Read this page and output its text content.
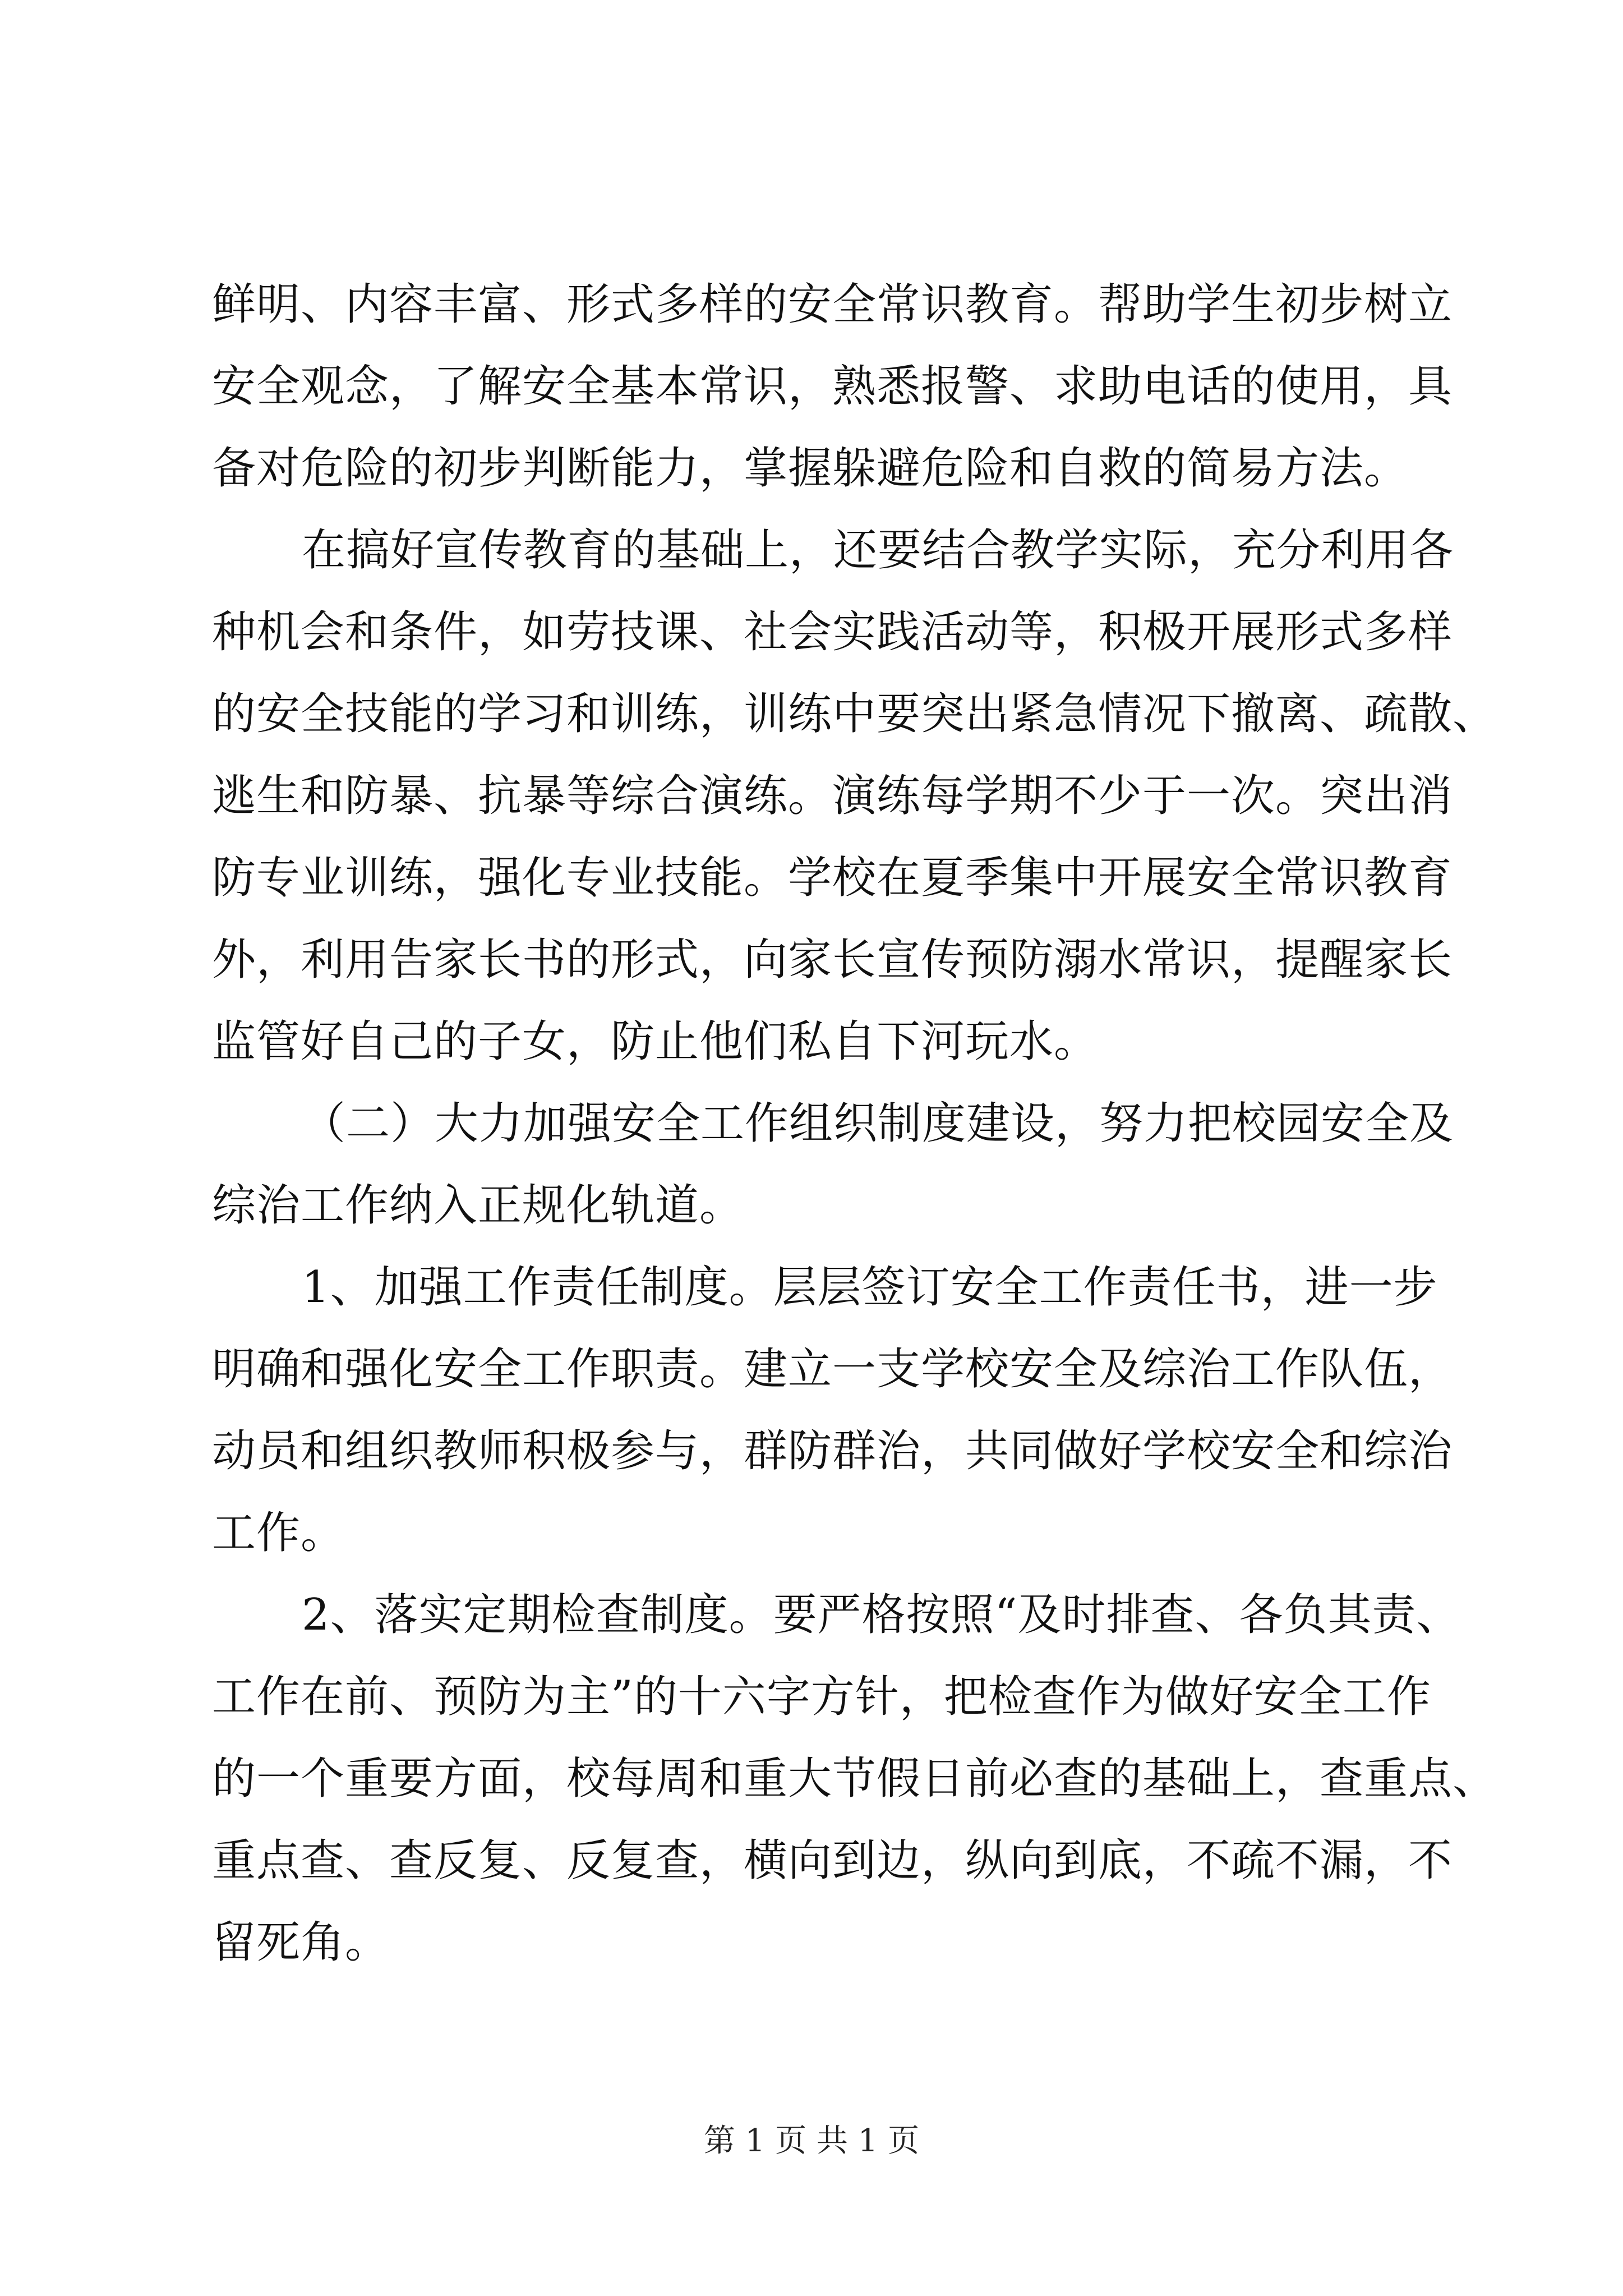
鲜明、内容丰富、形式多样的安全常识教育。帮助学生初步树立
安全观念，了解安全基本常识，熟悉报警、求助电话的使用，具
备对危险的初步判断能力，掌握躲避危险和自救的简易方法。
在搞好宣传教育的基础上，还要结合教学实际，充分利用各
种机会和条件，如劳技课、社会实践活动等，积极开展形式多样
的安全技能的学习和训练，训练中要突出紧急情况下撤离、疏散、
逃生和防暴、抗暴等综合演练。演练每学期不少于一次。突出消
防专业训练，强化专业技能。学校在夏季集中开展安全常识教育
外，利用告家长书的形式，向家长宣传预防溺水常识，提醒家长
监管好自己的子女，防止他们私自下河玩水。
（二）大力加强安全工作组织制度建设，努力把校园安全及
综治工作纳入正规化轨道。
1、加强工作责任制度。层层签订安全工作责任书，进一步
明确和强化安全工作职责。建立一支学校安全及综治工作队伍，
动员和组织教师积极参与，群防群治，共同做好学校安全和综治
工作。
2、落实定期检查制度。要严格按照“及时排查、各负其责、
工作在前、预防为主”的十六字方针，把检查作为做好安全工作
的一个重要方面，校每周和重大节假日前必查的基础上，查重点、
重点查、查反复、反复查，横向到边，纵向到底，不疏不漏，不
留死角。
第 1 页 共 1 页
